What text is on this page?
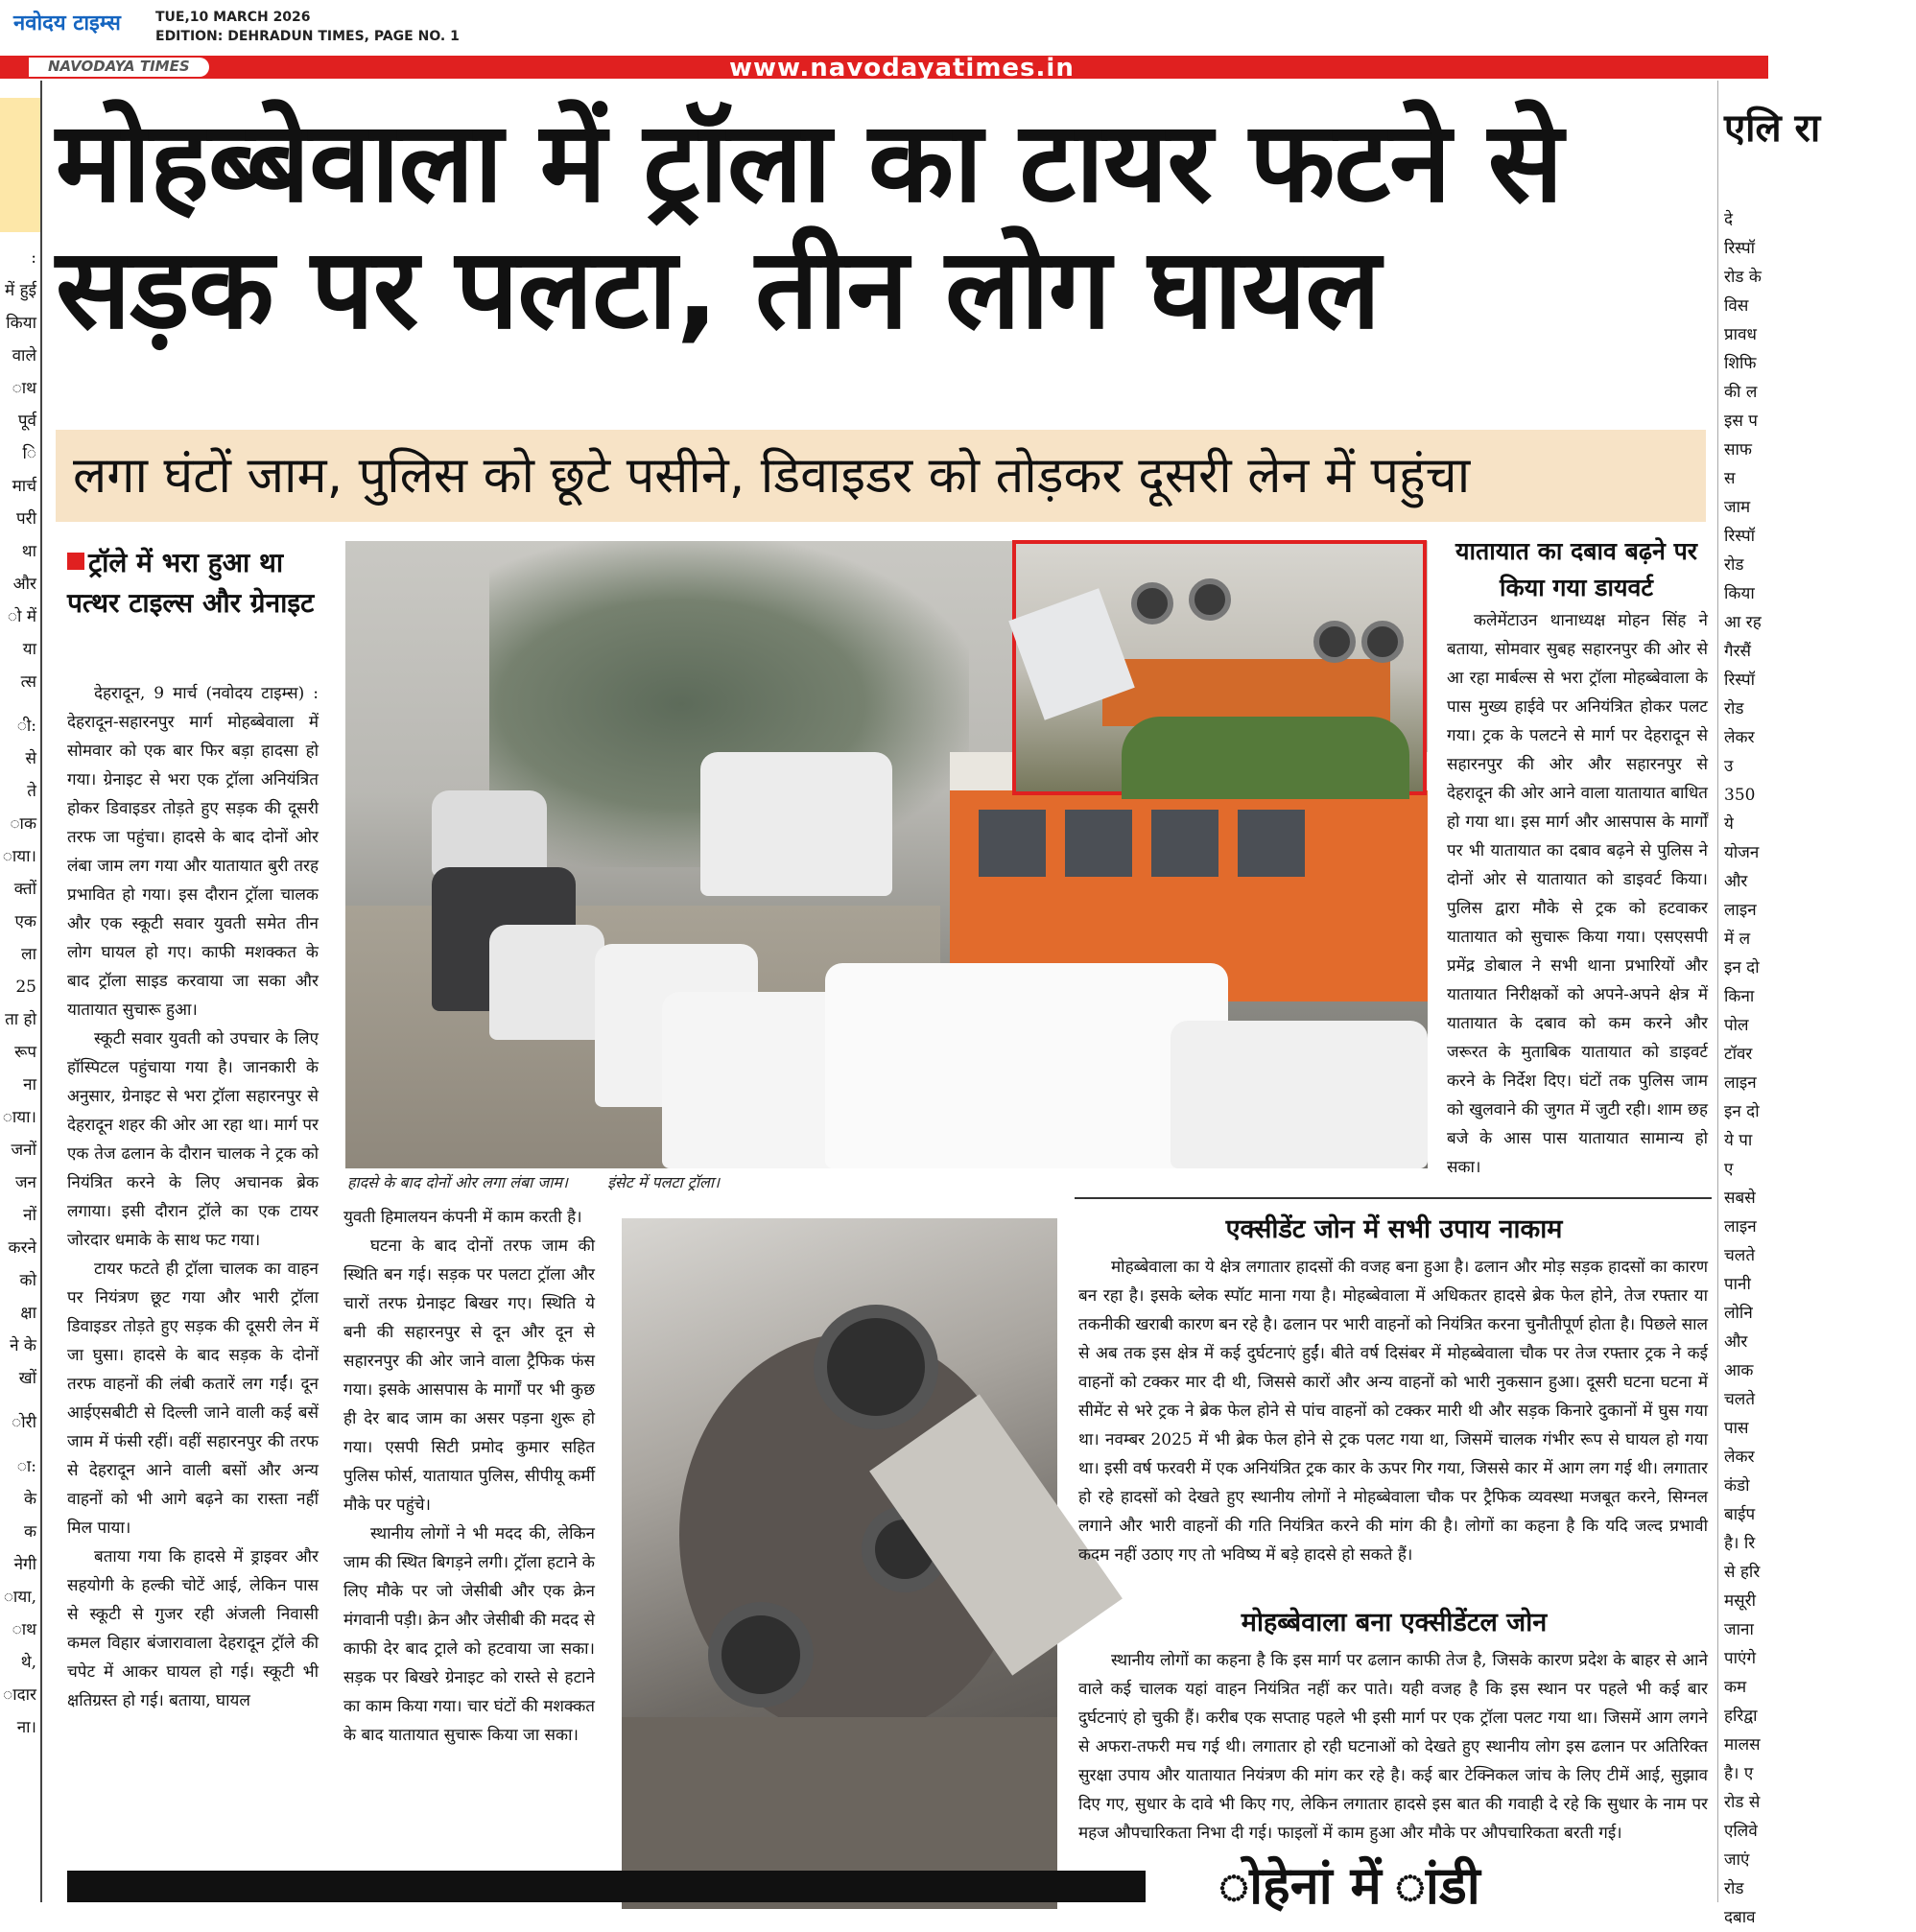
नवोदय टाइम्स	TUE,10 MARCH 2026
EDITION: DEHRADUN TIMES, PAGE NO. 1
NAVODAYA TIMES	www.navodayatimes.in
:
में हुई
किया
वाले
ाथ
पूर्व
ि
मार्च
परी
था
और
ो में
या
त्स
ी:
से
ते
ाक
ाया।
क्तों
एक
ला
25
ता हो
रूप
ना
ाया।
जनों
जन
नों
करने
को
क्षा
ने के
खों
ोरी
ा:
के
क
नेगी
ाया,
ाथ
थे,
ादार
ना।
एलि रा
दे
रिस्पॉ
रोड के
विस
प्रावध
शिफि
की ल
इस प
साफ
स
जाम
रिस्पॉ
रोड
किया
आ रह
गैरसैं
रिस्पॉ
रोड
लेकर
उ
350
ये
योजन
और
लाइन
में ल
इन दो
किना
पोल
टॉवर
लाइन
इन दो
ये पा
ए
सबसे
लाइन
चलते
पानी
लोनि
और
आक
चलते
पास
लेकर
कंडो
बाईप
है। रि
से हरि
मसूरी
जाना
पाएंगे
कम
हरिद्वा
मालस
है। ए
रोड से
एलिवे
जाएं
रोड
दबाव
मोहब्बेवाला में ट्रॉला का टायर फटने से सड़क पर पलटा, तीन लोग घायल
लगा घंटों जाम, पुलिस को छूटे पसीने, डिवाइडर को तोड़कर दूसरी लेन में पहुंचा
ट्रॉले में भरा हुआ था पत्थर टाइल्स और ग्रेनाइट

देहरादून, 9 मार्च (नवोदय टाइम्स) : देहरादून-सहारनपुर मार्ग मोहब्बेवाला में सोमवार को एक बार फिर बड़ा हादसा हो गया। ग्रेनाइट से भरा एक ट्रॉला अनियंत्रित होकर डिवाइडर तोड़ते हुए सड़क की दूसरी तरफ जा पहुंचा। हादसे के बाद दोनों ओर लंबा जाम लग गया और यातायात बुरी तरह प्रभावित हो गया। इस दौरान ट्रॉला चालक और एक स्कूटी सवार युवती समेत तीन लोग घायल हो गए। काफी मशक्कत के बाद ट्रॉला साइड करवाया जा सका और यातायात सुचारू हुआ।

स्कूटी सवार युवती को उपचार के लिए हॉस्पिटल पहुंचाया गया है। जानकारी के अनुसार, ग्रेनाइट से भरा ट्रॉला सहारनपुर से देहरादून शहर की ओर आ रहा था। मार्ग पर एक तेज ढलान के दौरान चालक ने ट्रक को नियंत्रित करने के लिए अचानक ब्रेक लगाया। इसी दौरान ट्रॉले का एक टायर जोरदार धमाके के साथ फट गया।

टायर फटते ही ट्रॉला चालक का वाहन पर नियंत्रण छूट गया और भारी ट्रॉला डिवाइडर तोड़ते हुए सड़क की दूसरी लेन में जा घुसा। हादसे के बाद सड़क के दोनों तरफ वाहनों की लंबी कतारें लग गईं। दून आईएसबीटी से दिल्ली जाने वाली कई बसें जाम में फंसी रहीं। वहीं सहारनपुर की तरफ से देहरादून आने वाली बसों और अन्य वाहनों को भी आगे बढ़ने का रास्ता नहीं मिल पाया।

बताया गया कि हादसे में ड्राइवर और सहयोगी के हल्की चोटें आई, लेकिन पास से स्कूटी से गुजर रही अंजली निवासी कमल विहार बंजारावाला देहरादून ट्रॉले की चपेट में आकर घायल हो गई। स्कूटी भी क्षतिग्रस्त हो गई। बताया, घायल

हादसे के बाद दोनों ओर लगा लंबा जाम।	इंसेट में पलटा ट्रॉला।

युवती हिमालयन कंपनी में काम करती है।

घटना के बाद दोनों तरफ जाम की स्थिति बन गई। सड़क पर पलटा ट्रॉला और चारों तरफ ग्रेनाइट बिखर गए। स्थिति ये बनी की सहारनपुर से दून और दून से सहारनपुर की ओर जाने वाला ट्रैफिक फंस गया। इसके आसपास के मार्गों पर भी कुछ ही देर बाद जाम का असर पड़ना शुरू हो गया। एसपी सिटी प्रमोद कुमार सहित पुलिस फोर्स, यातायात पुलिस, सीपीयू कर्मी मौके पर पहुंचे।

स्थानीय लोगों ने भी मदद की, लेकिन जाम की स्थित बिगड़ने लगी। ट्रॉला हटाने के लिए मौके पर जो जेसीबी और एक क्रेन मंगवानी पड़ी। क्रेन और जेसीबी की मदद से काफी देर बाद ट्राले को हटवाया जा सका। सड़क पर बिखरे ग्रेनाइट को रास्ते से हटाने का काम किया गया। चार घंटों की मशक्कत के बाद यातायात सुचारू किया जा सका।

यातायात का दबाव बढ़ने पर किया गया डायवर्ट

कलेमेंटाउन थानाध्यक्ष मोहन सिंह ने बताया, सोमवार सुबह सहारनपुर की ओर से आ रहा मार्बल्स से भरा ट्रॉला मोहब्बेवाला के पास मुख्य हाईवे पर अनियंत्रित होकर पलट गया। ट्रक के पलटने से मार्ग पर देहरादून से सहारनपुर की ओर और सहारनपुर से देहरादून की ओर आने वाला यातायात बाधित हो गया था। इस मार्ग और आसपास के मार्गों पर भी यातायात का दबाव बढ़ने से पुलिस ने दोनों ओर से यातायात को डाइवर्ट किया। पुलिस द्वारा मौके से ट्रक को हटवाकर यातायात को सुचारू किया गया। एसएसपी प्रमेंद्र डोबाल ने सभी थाना प्रभारियों और यातायात निरीक्षकों को अपने-अपने क्षेत्र में यातायात के दबाव को कम करने और जरूरत के मुताबिक यातायात को डाइवर्ट करने के निर्देश दिए। घंटों तक पुलिस जाम को खुलवाने की जुगत में जुटी रही। शाम छह बजे के आस पास यातायात सामान्य हो सका।

एक्सीडेंट जोन में सभी उपाय नाकाम

मोहब्बेवाला का ये क्षेत्र लगातार हादसों की वजह बना हुआ है। ढलान और मोड़ सड़क हादसों का कारण बन रहा है। इसके ब्लेक स्पॉट माना गया है। मोहब्बेवाला में अधिकतर हादसे ब्रेक फेल होने, तेज रफ्तार या तकनीकी खराबी कारण बन रहे है। ढलान पर भारी वाहनों को नियंत्रित करना चुनौतीपूर्ण होता है। पिछले साल से अब तक इस क्षेत्र में कई दुर्घटनाएं हुईं। बीते वर्ष दिसंबर में मोहब्बेवाला चौक पर तेज रफ्तार ट्रक ने कई वाहनों को टक्कर मार दी थी, जिससे कारों और अन्य वाहनों को भारी नुकसान हुआ। दूसरी घटना घटना में सीमेंट से भरे ट्रक ने ब्रेक फेल होने से पांच वाहनों को टक्कर मारी थी और सड़क किनारे दुकानों में घुस गया था। नवम्बर 2025 में भी ब्रेक फेल होने से ट्रक पलट गया था, जिसमें चालक गंभीर रूप से घायल हो गया था। इसी वर्ष फरवरी में एक अनियंत्रित ट्रक कार के ऊपर गिर गया, जिससे कार में आग लग गई थी। लगातार हो रहे हादसों को देखते हुए स्थानीय लोगों ने मोहब्बेवाला चौक पर ट्रैफिक व्यवस्था मजबूत करने, सिग्नल लगाने और भारी वाहनों की गति नियंत्रित करने की मांग की है। लोगों का कहना है कि यदि जल्द प्रभावी कदम नहीं उठाए गए तो भविष्य में बड़े हादसे हो सकते हैं।

मोहब्बेवाला बना एक्सीडेंटल जोन

स्थानीय लोगों का कहना है कि इस मार्ग पर ढलान काफी तेज है, जिसके कारण प्रदेश के बाहर से आने वाले कई चालक यहां वाहन नियंत्रित नहीं कर पाते। यही वजह है कि इस स्थान पर पहले भी कई बार दुर्घटनाएं हो चुकी हैं। करीब एक सप्ताह पहले भी इसी मार्ग पर एक ट्रॉला पलट गया था। जिसमें आग लगने से अफरा-तफरी मच गई थी। लगातार हो रही घटनाओं को देखते हुए स्थानीय लोग इस ढलान पर अतिरिक्त सुरक्षा उपाय और यातायात नियंत्रण की मांग कर रहे है। कई बार टेक्निकल जांच के लिए टीमें आई, सुझाव दिए गए, सुधार के दावे भी किए गए, लेकिन लगातार हादसे इस बात की गवाही दे रहे कि सुधार के नाम पर महज औपचारिकता निभा दी गई। फाइलों में काम हुआ और मौके पर औपचारिकता बरती गई।

ोहेनां में ांडी
